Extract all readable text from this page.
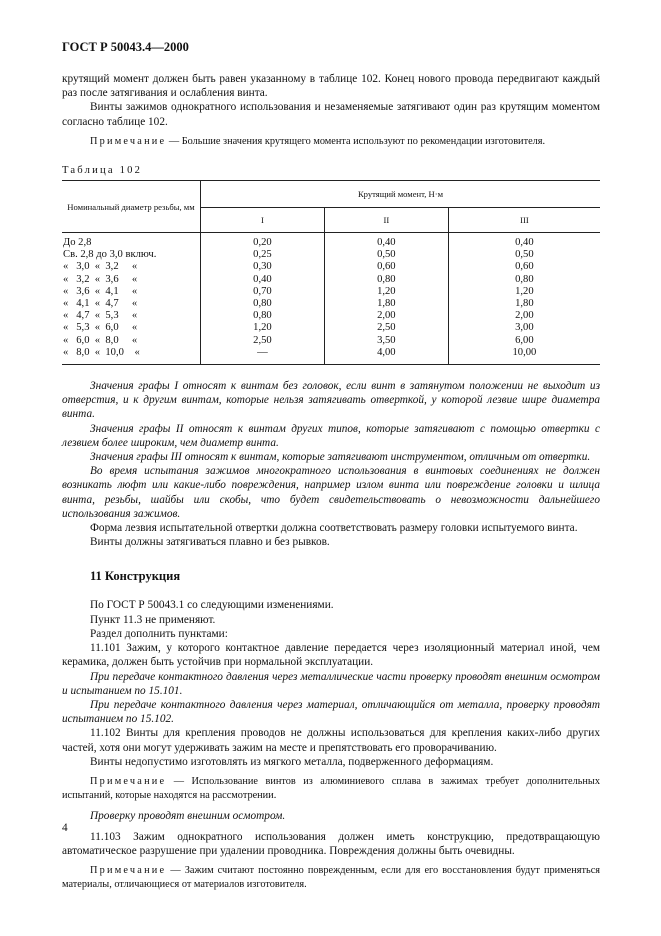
ГОСТ Р 50043.4—2000

крутящий момент должен быть равен указанному в таблице 102. Конец нового провода передвигают каждый раз после затягивания и ослабления винта.

Винты зажимов однократного использования и незаменяемые затягивают один раз крутящим моментом согласно таблице 102.

Примечание — Большие значения крутящего момента используют по рекомендации изготовителя.

Таблица 102
Номинальный диаметр резьбы, мм	Крутящий момент, Н·м		
	I	II	III
До 2,8	0,20	0,40	0,40
Св. 2,8 до 3,0 включ.	0,25	0,50	0,50
«   3,0  «  3,2     «	0,30	0,60	0,60
«   3,2  «  3,6     «	0,40	0,80	0,80
«   3,6  «  4,1     «	0,70	1,20	1,20
«   4,1  «  4,7     «	0,80	1,80	1,80
«   4,7  «  5,3     «	0,80	2,00	2,00
«   5,3  «  6,0     «	1,20	2,50	3,00
«   6,0  «  8,0     «	2,50	3,50	6,00
«   8,0  «  10,0    «	—	4,00	10,00

Значения графы I относят к винтам без головок, если винт в затянутом положении не выходит из отверстия, и к другим винтам, которые нельзя затягивать отверткой, у которой лезвие шире диаметра винта.

Значения графы II относят к винтам других типов, которые затягивают с помощью отвертки с лезвием более широким, чем диаметр винта.

Значения графы III относят к винтам, которые затягивают инструментом, отличным от отвертки.

Во время испытания зажимов многократного использования в винтовых соединениях не должен возникать люфт или какие-либо повреждения, например излом винта или повреждение головки и шлица винта, резьбы, шайбы или скобы, что будет свидетельствовать о невозможности дальнейшего использования зажимов.

Форма лезвия испытательной отвертки должна соответствовать размеру головки испытуемого винта.

Винты должны затягиваться плавно и без рывков.

11 Конструкция

По ГОСТ Р 50043.1 со следующими изменениями.

Пункт 11.3 не применяют.

Раздел дополнить пунктами:

11.101 Зажим, у которого контактное давление передается через изоляционный материал иной, чем керамика, должен быть устойчив при нормальной эксплуатации.

При передаче контактного давления через металлические части проверку проводят внешним осмотром и испытанием по 15.101.

При передаче контактного давления через материал, отличающийся от металла, проверку проводят испытанием по 15.102.

11.102 Винты для крепления проводов не должны использоваться для крепления каких-либо других частей, хотя они могут удерживать зажим на месте и препятствовать его проворачиванию.

Винты недопустимо изготовлять из мягкого металла, подверженного деформациям.

Примечание — Использование винтов из алюминиевого сплава в зажимах требует дополнительных испытаний, которые находятся на рассмотрении.

Проверку проводят внешним осмотром.

11.103 Зажим однократного использования должен иметь конструкцию, предотвращающую автоматическое разрушение при удалении проводника. Повреждения должны быть очевидны.

Примечание — Зажим считают постоянно поврежденным, если для его восстановления будут применяться материалы, отличающиеся от материалов изготовителя.

4
